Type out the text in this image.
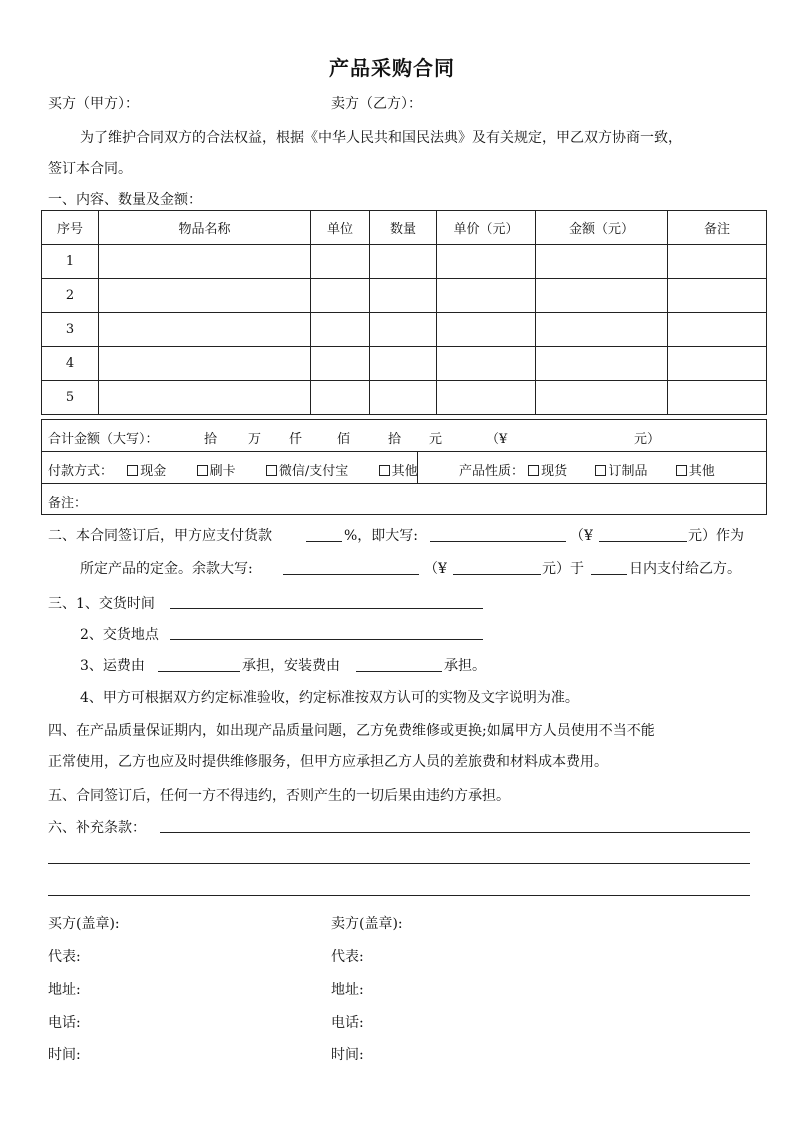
产品采购合同
买方（甲方）：	卖方（乙方）：
为了维护合同双方的合法权益，根据《中华人民共和国民法典》及有关规定，甲乙双方协商一致，
签订本合同。
一、内容、数量及金额：
序号	物品名称	单位	数量	单价（元）	金额（元）	备注
1						
2						
3						
4						
5						
合计金额（大写）：	拾 万 仟	佰	拾 元	（¥	元）
付款方式： 现金	刷卡	微信/支付宝	其他	产品性质： 现货	订制品	其他
备注：
二、本合同签订后，甲方应支付货款	%，即大写:	（¥	元）作为
所定产品的定金。余款大写:	（¥	元）于	日内支付给乙方。
三、1、交货时间
2、交货地点
3、运费由	承担，安装费由	承担。
4、甲方可根据双方约定标准验收，约定标准按双方认可的实物及文字说明为准。
四、在产品质量保证期内，如出现产品质量问题，乙方免费维修或更换;如属甲方人员使用不当不能
正常使用，乙方也应及时提供维修服务，但甲方应承担乙方人员的差旅费和材料成本费用。
五、合同签订后，任何一方不得违约，否则产生的一切后果由违约方承担。
六、补充条款：
买方(盖章):	卖方(盖章):
代表:	代表:
地址:	地址:
电话:	电话:
时间:	时间:
